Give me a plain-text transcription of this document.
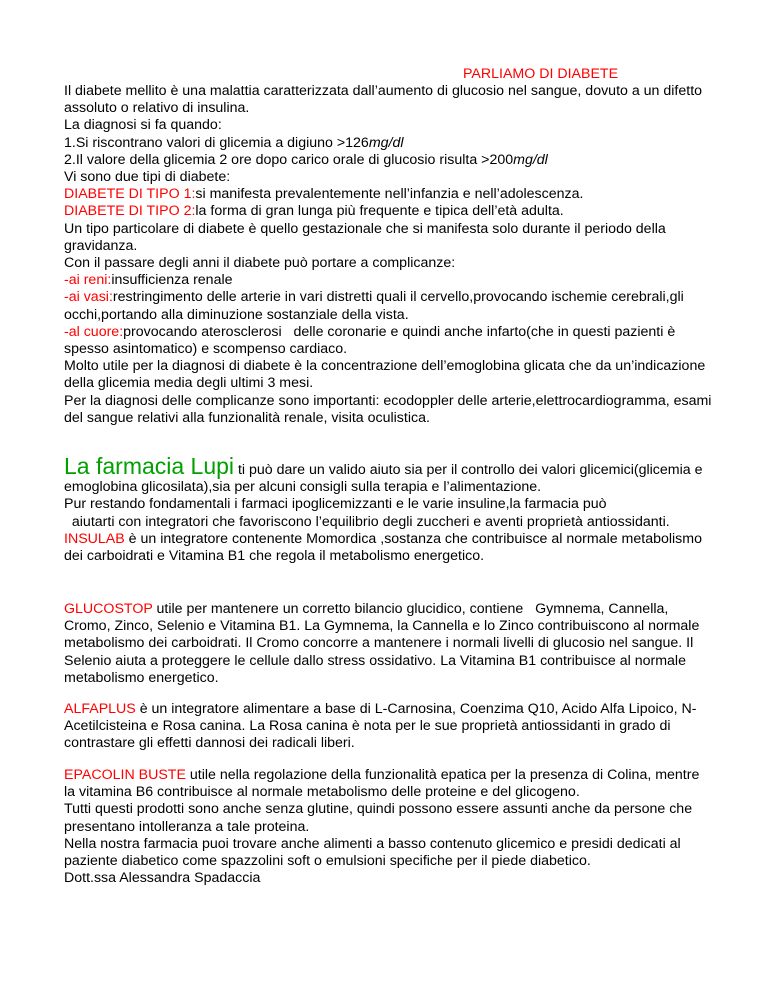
PARLIAMO DI DIABETE

Il diabete mellito è una malattia caratterizzata dall’aumento di glucosio nel sangue, dovuto a un difetto assoluto o relativo di insulina.

La diagnosi si fa quando:

1.Si riscontrano valori di glicemia a digiuno >126mg/dl

2.Il valore della glicemia 2 ore dopo carico orale di glucosio risulta >200mg/dl

Vi sono due tipi di diabete:

DIABETE DI TIPO 1:si manifesta prevalentemente nell’infanzia e nell’adolescenza.

DIABETE DI TIPO 2:la forma di gran lunga più frequente e tipica dell’età adulta.

Un tipo particolare di diabete è quello gestazionale che si manifesta solo durante il periodo della gravidanza.

Con il passare degli anni il diabete può portare a complicanze:

-ai reni:insufficienza renale

-ai vasi:restringimento delle arterie in vari distretti quali il cervello,provocando ischemie cerebrali,gli occhi,portando alla diminuzione sostanziale della vista.

-al cuore:provocando aterosclerosi   delle coronarie e quindi anche infarto(che in questi pazienti è spesso asintomatico) e scompenso cardiaco.

Molto utile per la diagnosi di diabete è la concentrazione dell’emoglobina glicata che da un’indicazione della glicemia media degli ultimi 3 mesi.

Per la diagnosi delle complicanze sono importanti: ecodoppler delle arterie,elettrocardiogramma, esami del sangue relativi alla funzionalità renale, visita oculistica.

La farmacia Lupi ti può dare un valido aiuto sia per il controllo dei valori glicemici(glicemia e emoglobina glicosilata),sia per alcuni consigli sulla terapia e l’alimentazione.

Pur restando fondamentali i farmaci ipoglicemizzanti e le varie insuline,la farmacia può

aiutarti con integratori che favoriscono l’equilibrio degli zuccheri e aventi proprietà antiossidanti.

INSULAB è un integratore contenente Momordica ,sostanza che contribuisce al normale metabolismo dei carboidrati e Vitamina B1 che regola il metabolismo energetico.

GLUCOSTOP utile per mantenere un corretto bilancio glucidico, contiene   Gymnema, Cannella, Cromo, Zinco, Selenio e Vitamina B1. La Gymnema, la Cannella e lo Zinco contribuiscono al normale metabolismo dei carboidrati. Il Cromo concorre a mantenere i normali livelli di glucosio nel sangue. Il Selenio aiuta a proteggere le cellule dallo stress ossidativo. La Vitamina B1 contribuisce al normale metabolismo energetico.

ALFAPLUS è un integratore alimentare a base di L-Carnosina, Coenzima Q10, Acido Alfa Lipoico, N-Acetilcisteina e Rosa canina. La Rosa canina è nota per le sue proprietà antiossidanti in grado di contrastare gli effetti dannosi dei radicali liberi.

EPACOLIN BUSTE utile nella regolazione della funzionalità epatica per la presenza di Colina, mentre la vitamina B6 contribuisce al normale metabolismo delle proteine e del glicogeno.

Tutti questi prodotti sono anche senza glutine, quindi possono essere assunti anche da persone che presentano intolleranza a tale proteina.

Nella nostra farmacia puoi trovare anche alimenti a basso contenuto glicemico e presidi dedicati al paziente diabetico come spazzolini soft o emulsioni specifiche per il piede diabetico.

Dott.ssa Alessandra Spadaccia
